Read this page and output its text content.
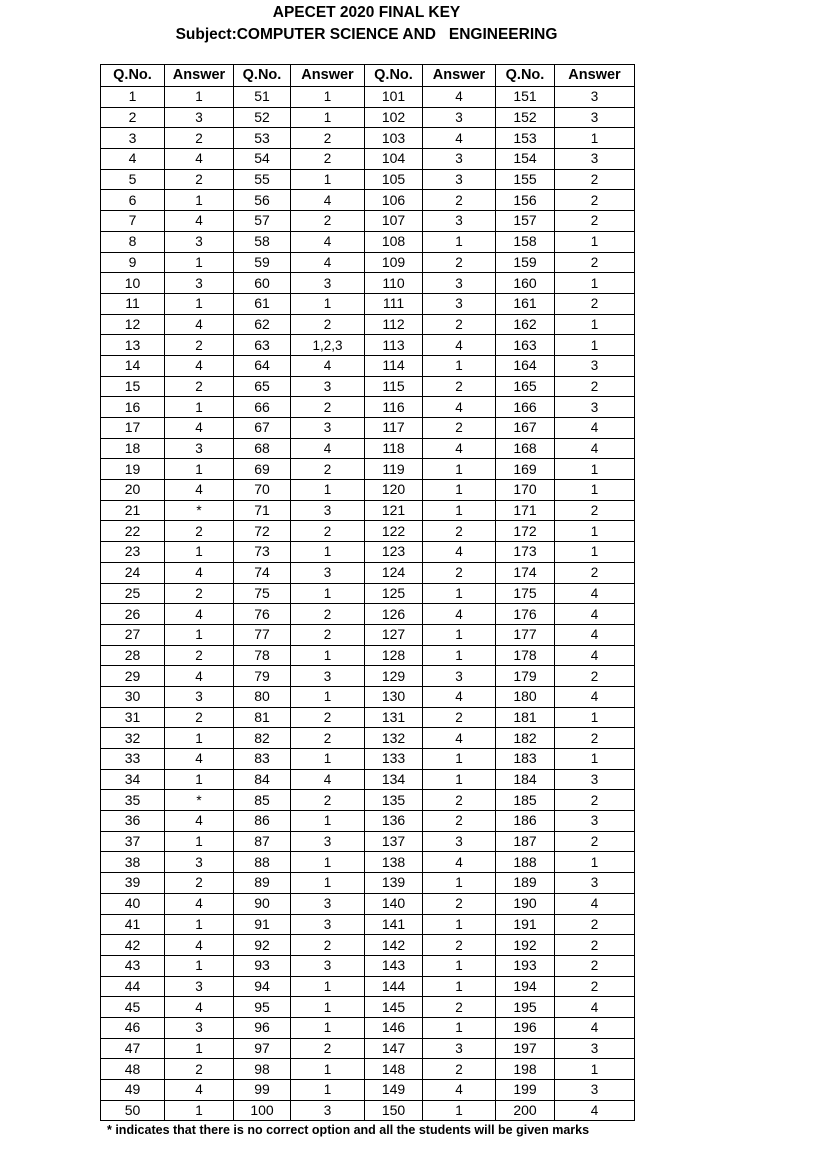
APECET 2020 FINAL KEY
Subject:COMPUTER SCIENCE AND   ENGINEERING
Q.No.	Answer	Q.No.	Answer	Q.No.	Answer	Q.No.	Answer
1	1	51	1	101	4	151	3
2	3	52	1	102	3	152	3
3	2	53	2	103	4	153	1
4	4	54	2	104	3	154	3
5	2	55	1	105	3	155	2
6	1	56	4	106	2	156	2
7	4	57	2	107	3	157	2
8	3	58	4	108	1	158	1
9	1	59	4	109	2	159	2
10	3	60	3	110	3	160	1
11	1	61	1	111	3	161	2
12	4	62	2	112	2	162	1
13	2	63	1,2,3	113	4	163	1
14	4	64	4	114	1	164	3
15	2	65	3	115	2	165	2
16	1	66	2	116	4	166	3
17	4	67	3	117	2	167	4
18	3	68	4	118	4	168	4
19	1	69	2	119	1	169	1
20	4	70	1	120	1	170	1
21	*	71	3	121	1	171	2
22	2	72	2	122	2	172	1
23	1	73	1	123	4	173	1
24	4	74	3	124	2	174	2
25	2	75	1	125	1	175	4
26	4	76	2	126	4	176	4
27	1	77	2	127	1	177	4
28	2	78	1	128	1	178	4
29	4	79	3	129	3	179	2
30	3	80	1	130	4	180	4
31	2	81	2	131	2	181	1
32	1	82	2	132	4	182	2
33	4	83	1	133	1	183	1
34	1	84	4	134	1	184	3
35	*	85	2	135	2	185	2
36	4	86	1	136	2	186	3
37	1	87	3	137	3	187	2
38	3	88	1	138	4	188	1
39	2	89	1	139	1	189	3
40	4	90	3	140	2	190	4
41	1	91	3	141	1	191	2
42	4	92	2	142	2	192	2
43	1	93	3	143	1	193	2
44	3	94	1	144	1	194	2
45	4	95	1	145	2	195	4
46	3	96	1	146	1	196	4
47	1	97	2	147	3	197	3
48	2	98	1	148	2	198	1
49	4	99	1	149	4	199	3
50	1	100	3	150	1	200	4
* indicates that there is no correct option and all the students will be given marks
